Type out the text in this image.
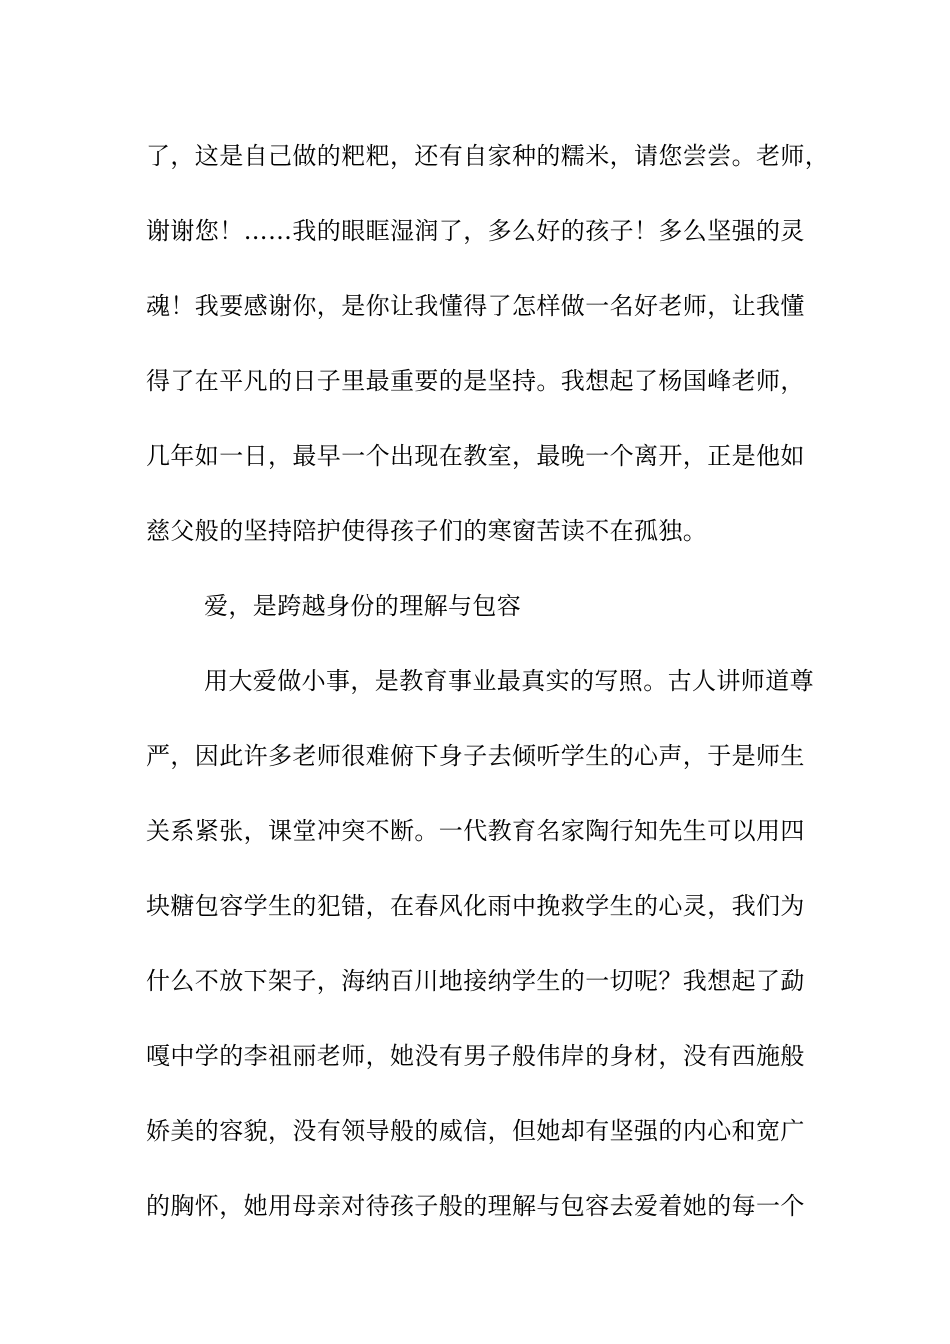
了，这是自己做的粑粑，还有自家种的糯米，请您尝尝。老师，
谢谢您！……我的眼眶湿润了，多么好的孩子！多么坚强的灵
魂！我要感谢你，是你让我懂得了怎样做一名好老师，让我懂
得了在平凡的日子里最重要的是坚持。我想起了杨国峰老师，
几年如一日，最早一个出现在教室，最晚一个离开，正是他如
慈父般的坚持陪护使得孩子们的寒窗苦读不在孤独。
爱，是跨越身份的理解与包容
用大爱做小事，是教育事业最真实的写照。古人讲师道尊
严，因此许多老师很难俯下身子去倾听学生的心声，于是师生
关系紧张，课堂冲突不断。一代教育名家陶行知先生可以用四
块糖包容学生的犯错，在春风化雨中挽救学生的心灵，我们为
什么不放下架子，海纳百川地接纳学生的一切呢？我想起了勐
嘎中学的李祖丽老师，她没有男子般伟岸的身材，没有西施般
娇美的容貌，没有领导般的威信，但她却有坚强的内心和宽广
的胸怀，她用母亲对待孩子般的理解与包容去爱着她的每一个
